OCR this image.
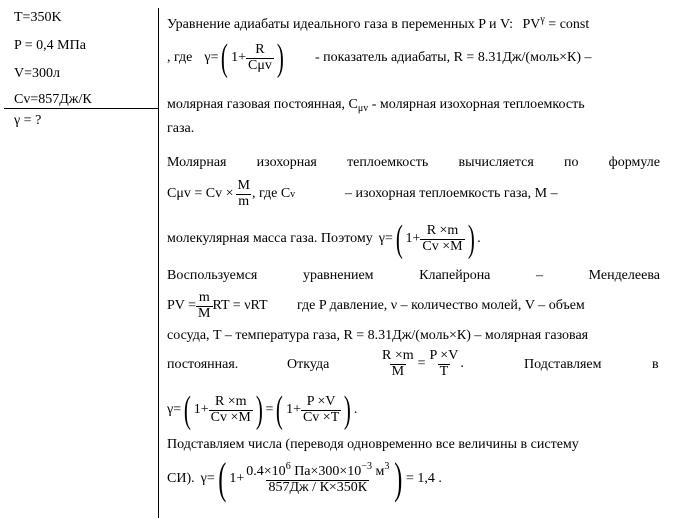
T=350K
P = 0,4 МПа
V=300л
Cv=857Дж/К
γ = ?
Уравнение адиабаты идеального газа в переменных P и V: $PV^\gamma$ = const
, где γ = ( $1+ \frac{R}{\text{Cμv}}$ ) - показатель адиабаты, R = 8.31Дж/(моль×К) –
молярная газовая постоянная, $C_{\mu v}$ - молярная изохорная теплоемкость
газа.
Молярная изохорная теплоемкость вычисляется по формуле
$C\mu v = Cv \times \frac{M}{m}$ , где C v	– изохорная теплоемкость газа, M –
молекулярная масса газа. Поэтому γ = ( $1+ \frac{R \times m}{Cv \times M}$ ) .
Воспользуемся	уравнением	Клапейрона	–	Менделеева
PV = $\frac{m}{M}$ RT = νRT где P давление, ν – количество молей, V – объем
сосуда, T – температура газа, R = 8.31Дж/(моль×К) – молярная газовая
постоянная.	Откуда	$\frac{R \times m}{M} = \frac{P \times V}{T}$ .	Подставляем	в
γ = ( $1+ \frac{R \times m}{Cv \times M}$ ) = ( $1+ \frac{P \times V}{Cv \times T}$ ) .
Подставляем числа (переводя одновременно все величины в систему
СИ). γ = ( $1+ \frac{0.4\times 10^6 Па\times 300\times 10^{-3} м^3}{857Дж / К\times 350К}$ ) = 1,4 .
